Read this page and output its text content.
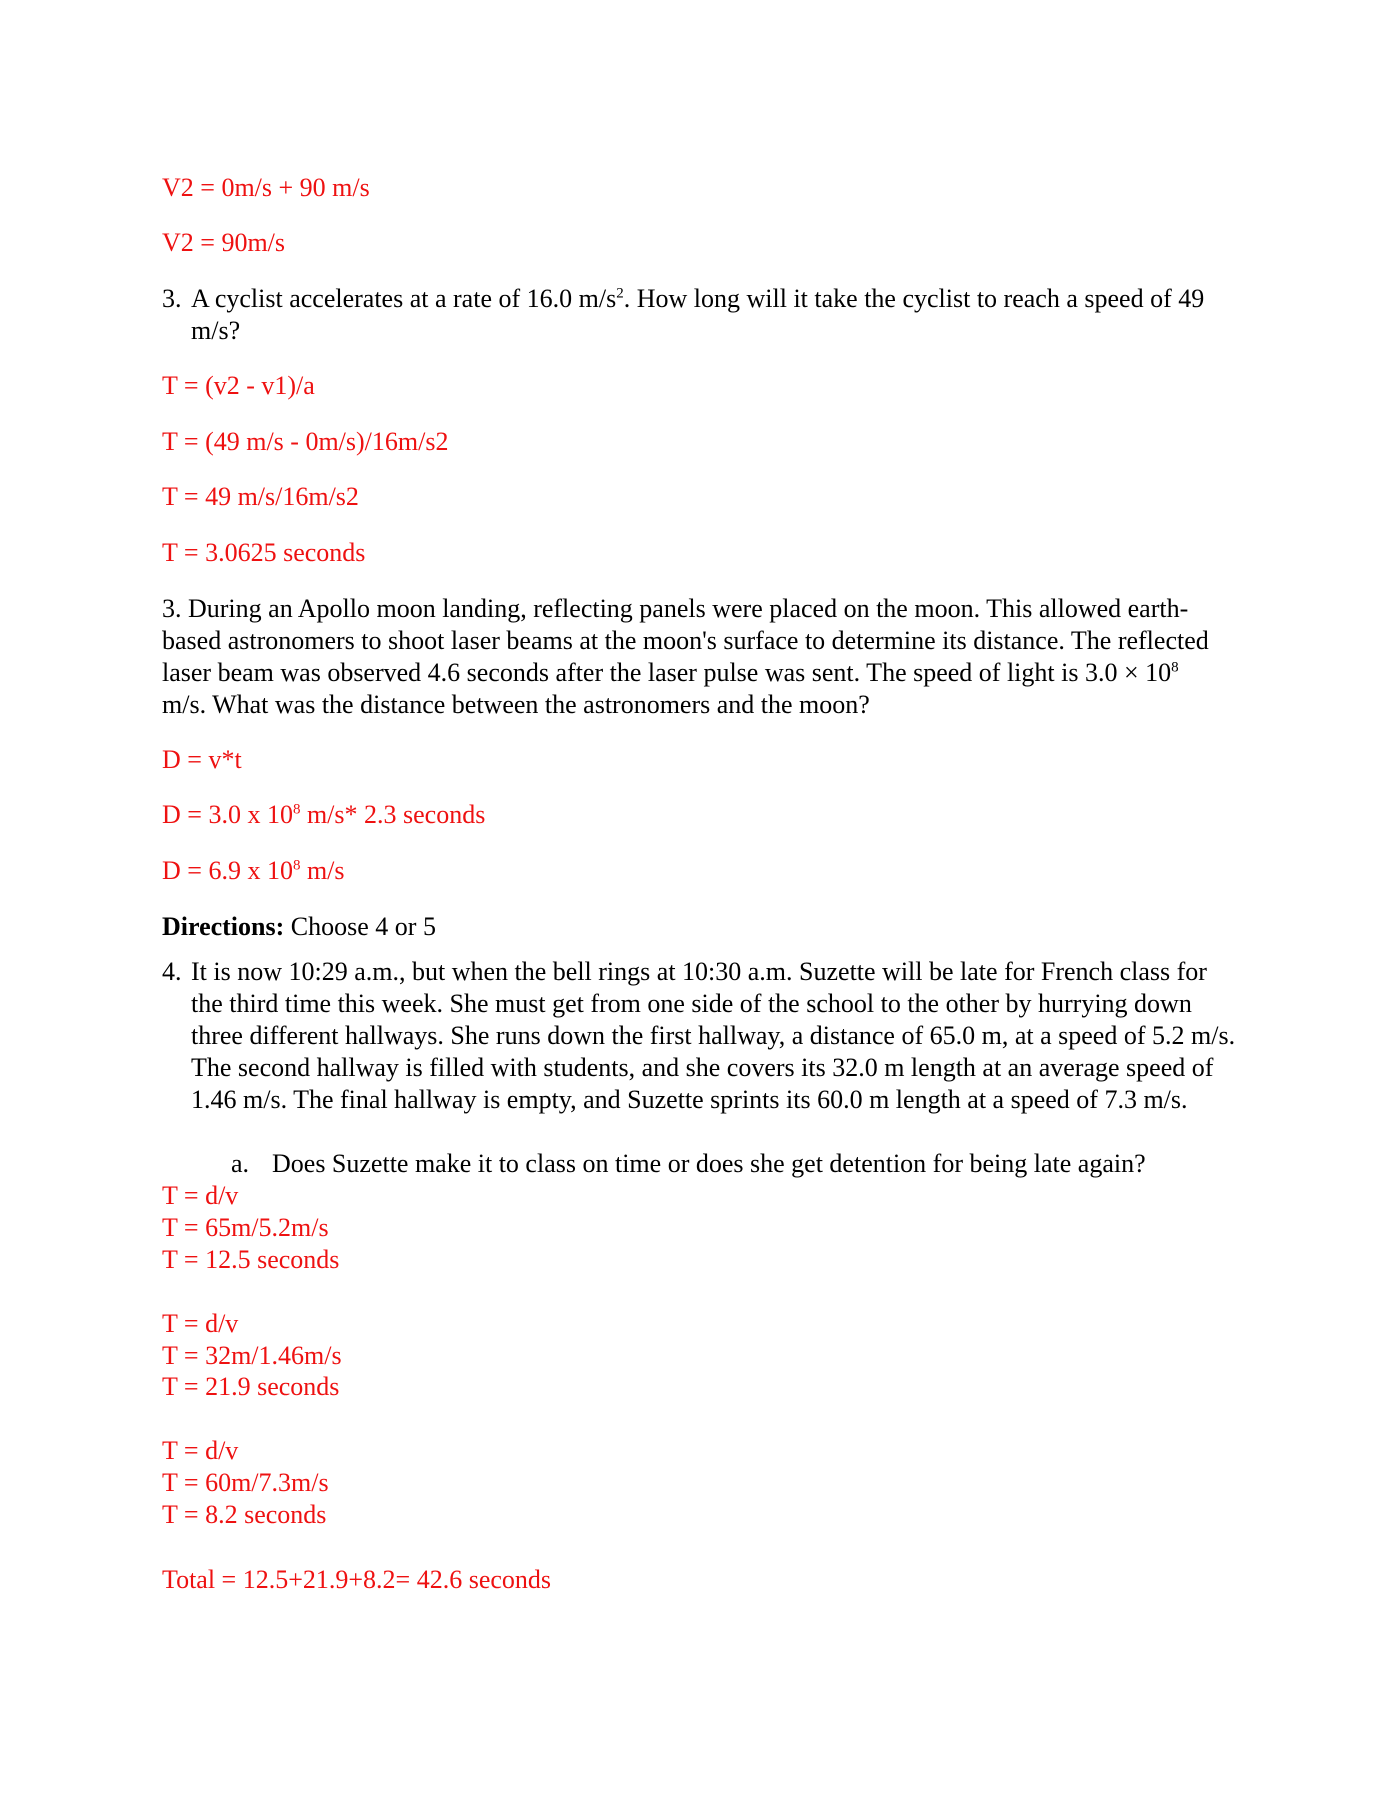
V2 = 0m/s + 90 m/s
V2 = 90m/s
3. A cyclist accelerates at a rate of 16.0 $m/s^2$. How long will it take the cyclist to reach a speed of 49 m/s?
T = (v2 - v1)/a
T = (49 m/s - 0m/s)/16m/s2
T = 49 m/s/16m/s2
T = 3.0625 seconds
3. During an Apollo moon landing, reflecting panels were placed on the moon. This allowed earth-based astronomers to shoot laser beams at the moon's surface to determine its distance. The reflected laser beam was observed 4.6 seconds after the laser pulse was sent. The speed of light is $3.0 \times 10^8$ m/s. What was the distance between the astronomers and the moon?
D = v*t
D = 3.0 x $10^8$ m/s* 2.3 seconds
D = 6.9 x $10^8$ m/s
Directions: Choose 4 or 5
4. It is now 10:29 a.m., but when the bell rings at 10:30 a.m. Suzette will be late for French class for the third time this week. She must get from one side of the school to the other by hurrying down three different hallways. She runs down the first hallway, a distance of 65.0 m, at a speed of 5.2 m/s. The second hallway is filled with students, and she covers its 32.0 m length at an average speed of 1.46 m/s. The final hallway is empty, and Suzette sprints its 60.0 m length at a speed of 7.3 m/s.
a. Does Suzette make it to class on time or does she get detention for being late again?
T = d/v
T = 65m/5.2m/s
T = 12.5 seconds
T = d/v
T = 32m/1.46m/s
T = 21.9 seconds
T = d/v
T = 60m/7.3m/s
T = 8.2 seconds
Total = 12.5+21.9+8.2= 42.6 seconds
